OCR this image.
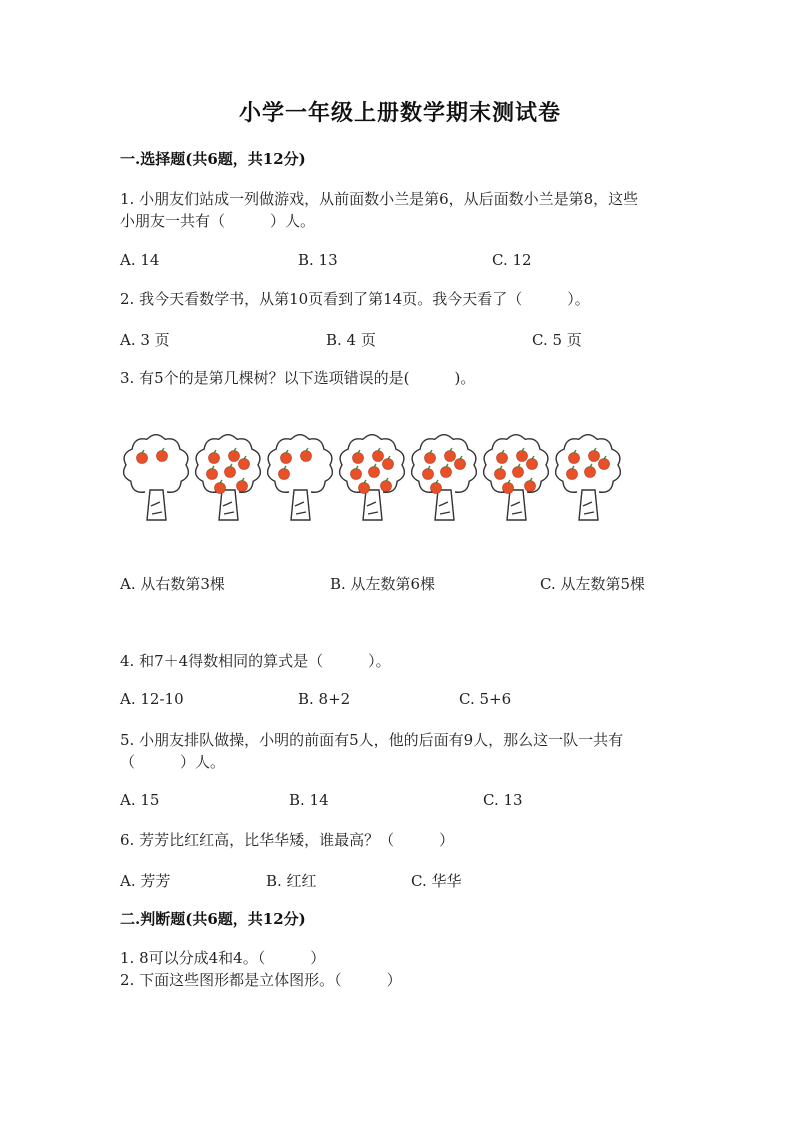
小学一年级上册数学期末测试卷
一.选择题(共6题，共12分)
1. 小朋友们站成一列做游戏，从前面数小兰是第6，从后面数小兰是第8，这些
小朋友一共有（　　　）人。
A. 14	B. 13	C. 12
2. 我今天看数学书，从第10页看到了第14页。我今天看了（　　　）。
A. 3 页	B. 4 页	C. 5 页
3. 有5个的是第几棵树？以下选项错误的是(　　　)。
A. 从右数第3棵	B. 从左数第6棵	C. 从左数第5棵
4. 和7＋4得数相同的算式是（　　　）。
A. 12-10	B. 8+2	C. 5+6
5. 小朋友排队做操，小明的前面有5人，他的后面有9人，那么这一队一共有
（　　　）人。
A. 15	B. 14	C. 13
6. 芳芳比红红高，比华华矮，谁最高？（　　　）
A. 芳芳	B. 红红	C. 华华
二.判断题(共6题，共12分)
1. 8可以分成4和4。（　　　）
2. 下面这些图形都是立体图形。（　　　）
